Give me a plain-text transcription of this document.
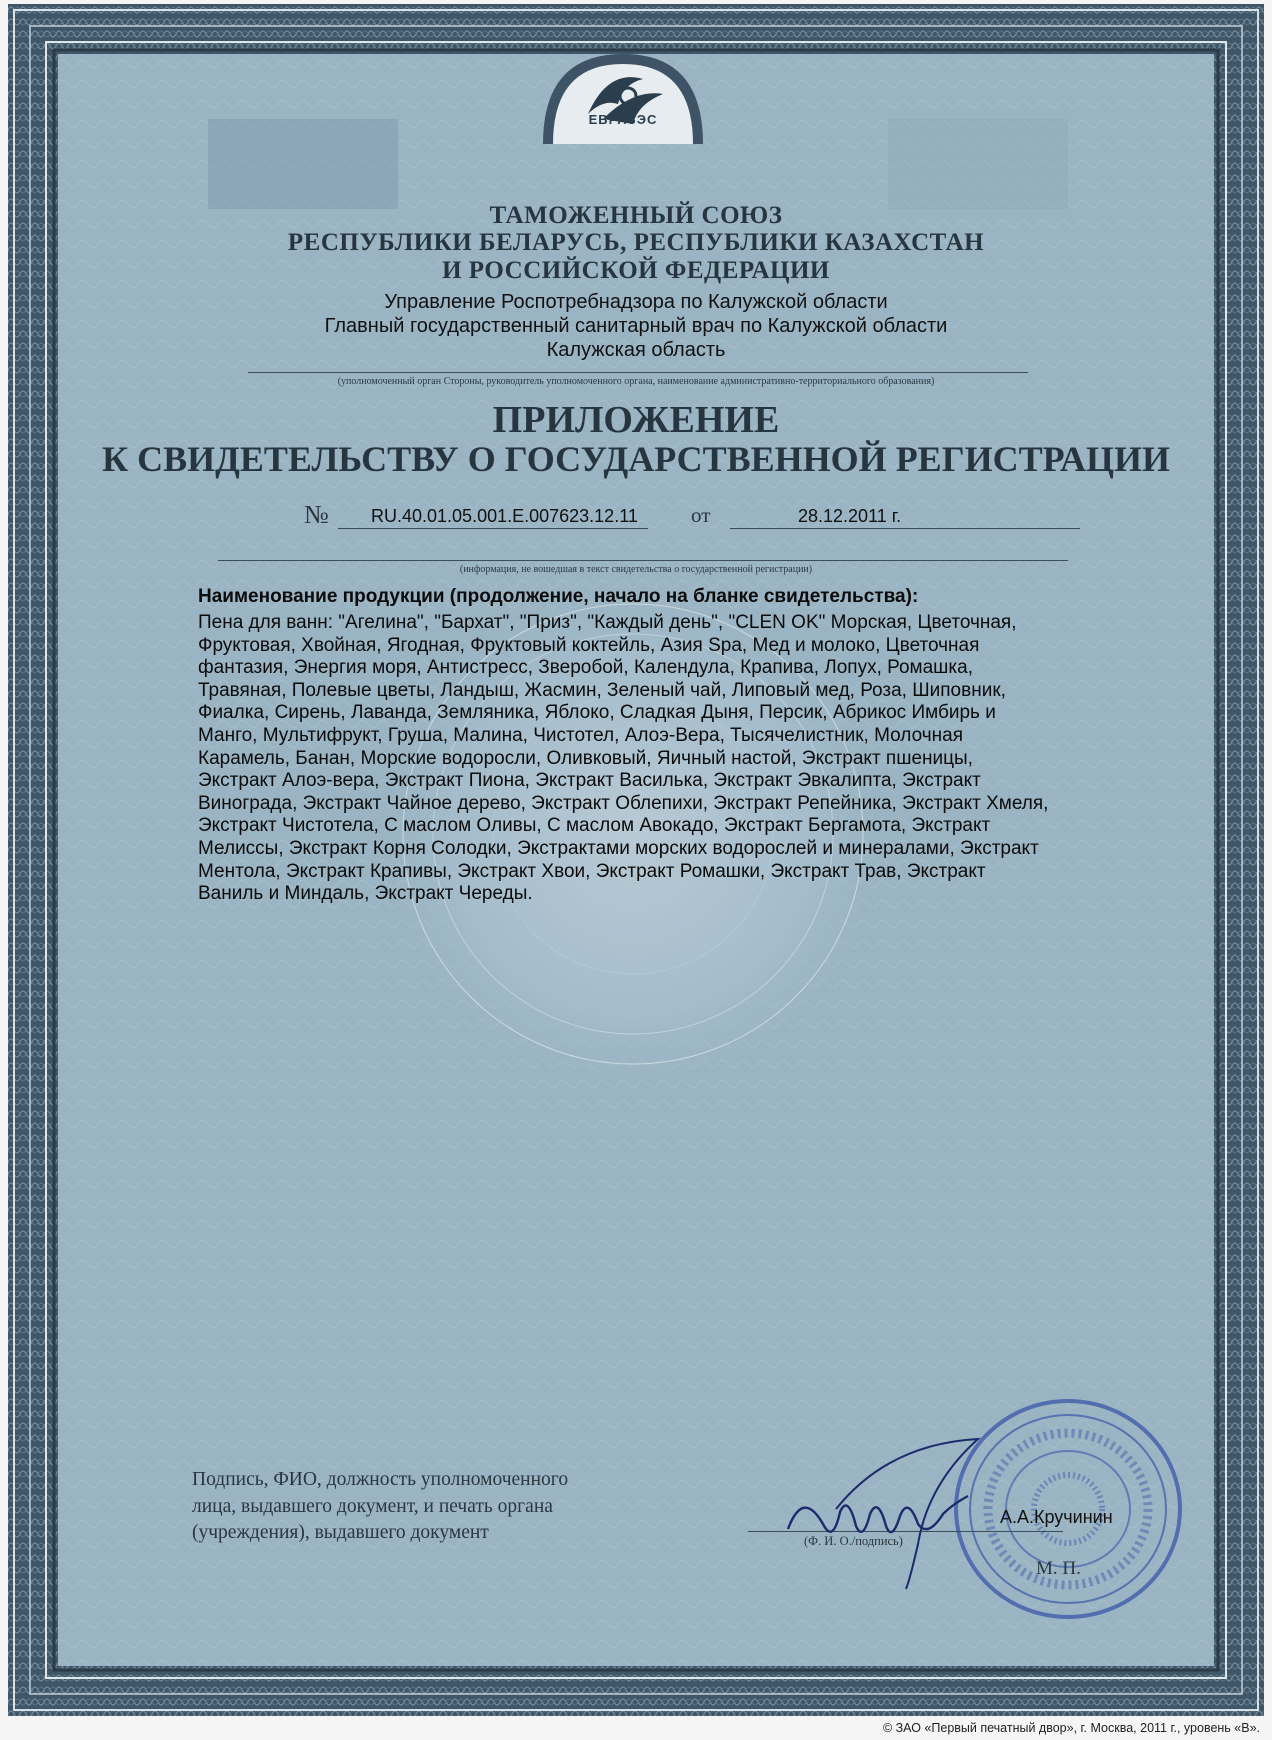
ЕВРАЗЭС
ТАМОЖЕННЫЙ СОЮЗ
РЕСПУБЛИКИ БЕЛАРУСЬ, РЕСПУБЛИКИ КАЗАХСТАН
И РОССИЙСКОЙ ФЕДЕРАЦИИ
Управление Роспотребнадзора по Калужской области
Главный государственный санитарный врач по Калужской области
Калужская область
(уполномоченный орган Стороны, руководитель уполномоченного органа, наименование административно-территориального образования)
ПРИЛОЖЕНИЕ
К СВИДЕТЕЛЬСТВУ О ГОСУДАРСТВЕННОЙ РЕГИСТРАЦИИ
№ RU.40.01.05.001.E.007623.12.11	от	28.12.2011 г.
(информация, не вошедшая в текст свидетельства о государственной регистрации)
Наименование продукции (продолжение, начало на бланке свидетельства):
Пена для ванн: "Агелина", "Бархат", "Приз", "Каждый день", "CLEN OK" Морская, Цветочная,
Фруктовая, Хвойная, Ягодная, Фруктовый коктейль, Азия Spa, Мед и молоко, Цветочная
фантазия, Энергия моря, Антистресс, Зверобой, Календула, Крапива, Лопух, Ромашка,
Травяная, Полевые цветы, Ландыш, Жасмин, Зеленый чай, Липовый мед, Роза, Шиповник,
Фиалка, Сирень, Лаванда, Земляника, Яблоко, Сладкая Дыня, Персик, Абрикос Имбирь и
Манго, Мультифрукт, Груша, Малина, Чистотел, Алоэ-Вера, Тысячелистник, Молочная
Карамель, Банан, Морские водоросли, Оливковый, Яичный настой, Экстракт пшеницы,
Экстракт Алоэ-вера, Экстракт Пиона, Экстракт Василька, Экстракт Эвкалипта, Экстракт
Винограда, Экстракт Чайное дерево, Экстракт Облепихи, Экстракт Репейника, Экстракт Хмеля,
Экстракт Чистотела, С маслом Оливы, С маслом Авокадо, Экстракт Бергамота, Экстракт
Мелиссы, Экстракт Корня Солодки, Экстрактами морских водорослей и минералами, Экстракт
Ментола, Экстракт Крапивы, Экстракт Хвои, Экстракт Ромашки, Экстракт Трав, Экстракт
Ваниль и Миндаль, Экстракт Череды.
Подпись, ФИО, должность уполномоченного
лица, выдавшего документ, и печать органа
(учреждения), выдавшего документ
А.А.Кручинин
(Ф. И. О./подпись)
М. П.
© ЗАО «Первый печатный двор», г. Москва, 2011 г., уровень «В».
